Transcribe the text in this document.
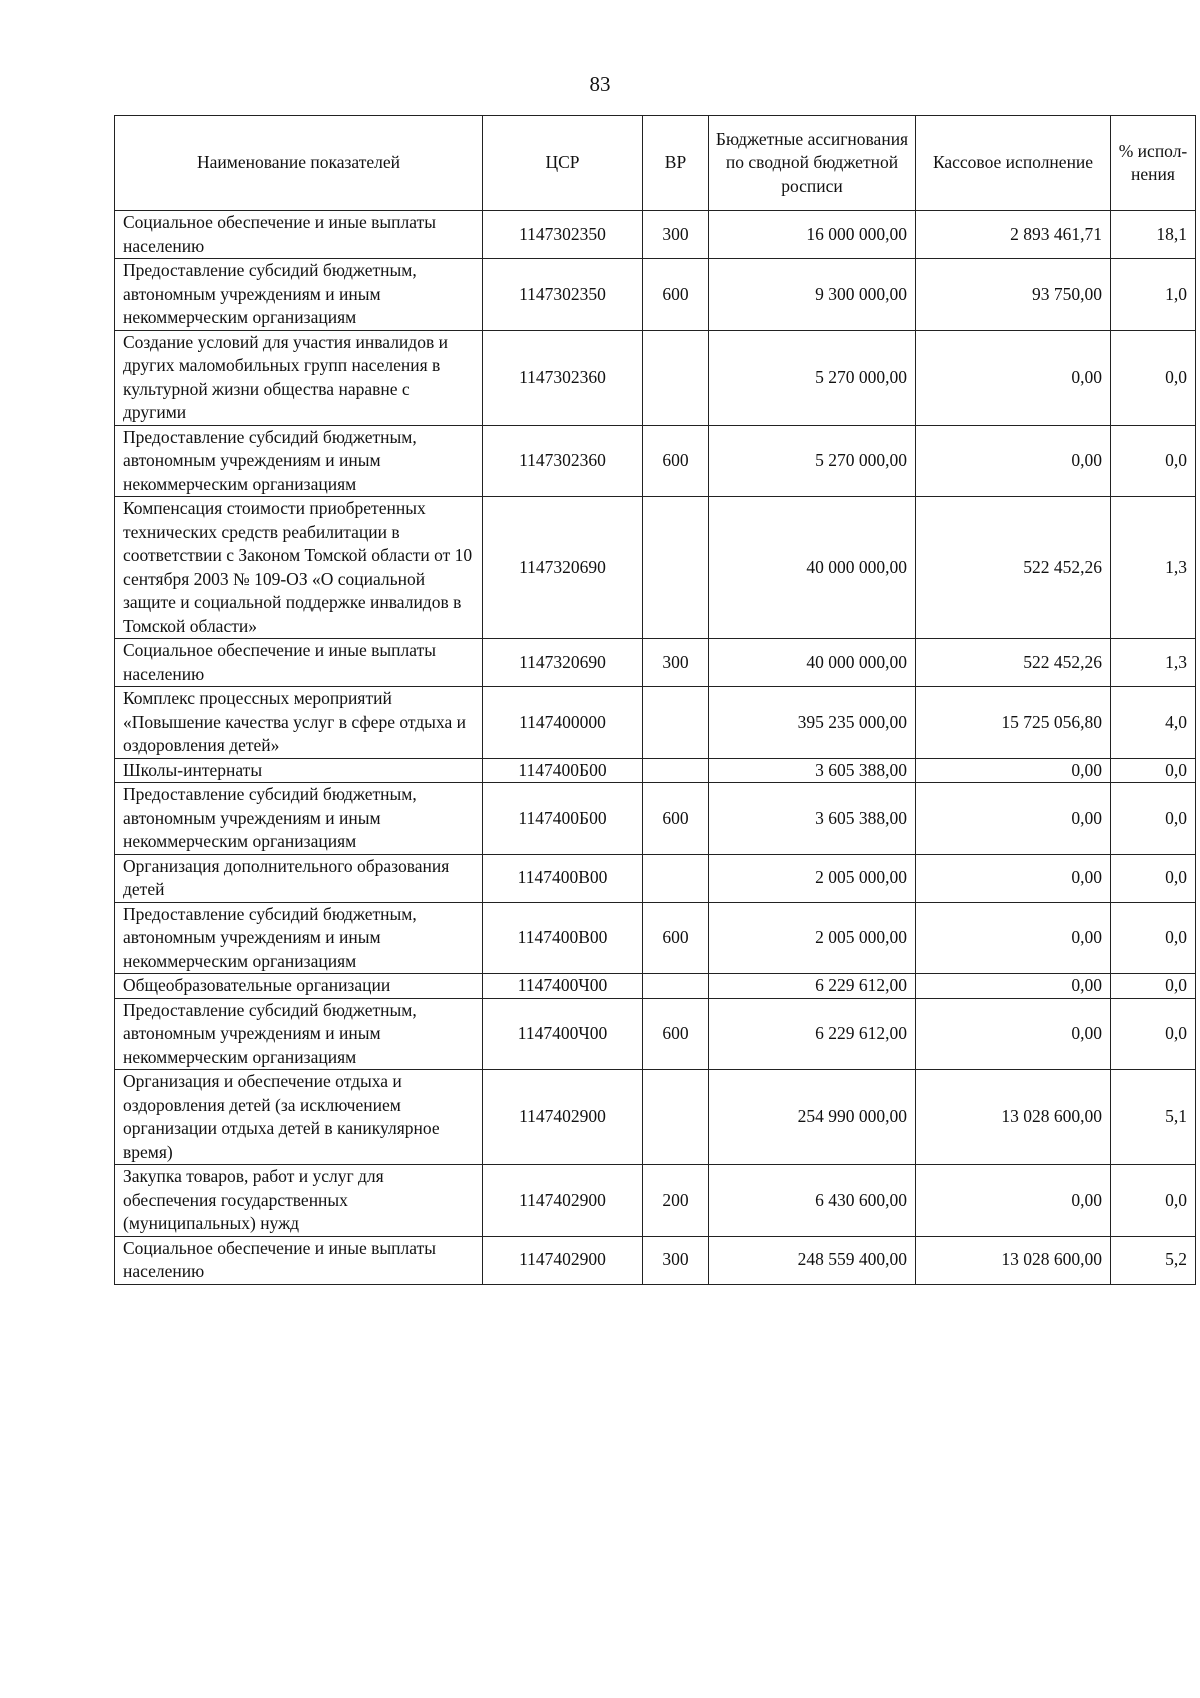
83
Наименование показателей	ЦСР	ВР	Бюджетные ассигнования по сводной бюджетной росписи	Кассовое исполнение	% испол-нения
Социальное обеспечение и иные выплаты населению	1147302350	300	16 000 000,00	2 893 461,71	18,1
Предоставление субсидий бюджетным, автономным учреждениям и иным некоммерческим организациям	1147302350	600	9 300 000,00	93 750,00	1,0
Создание условий для участия инвалидов и других маломобильных групп населения в культурной жизни общества наравне с другими	1147302360		5 270 000,00	0,00	0,0
Предоставление субсидий бюджетным, автономным учреждениям и иным некоммерческим организациям	1147302360	600	5 270 000,00	0,00	0,0
Компенсация стоимости приобретенных технических средств реабилитации в соответствии с Законом Томской области от 10 сентября 2003 № 109-ОЗ «О социальной защите и социальной поддержке инвалидов в Томской области»	1147320690		40 000 000,00	522 452,26	1,3
Социальное обеспечение и иные выплаты населению	1147320690	300	40 000 000,00	522 452,26	1,3
Комплекс процессных мероприятий «Повышение качества услуг в сфере отдыха и оздоровления детей»	1147400000		395 235 000,00	15 725 056,80	4,0
Школы-интернаты	1147400Б00		3 605 388,00	0,00	0,0
Предоставление субсидий бюджетным, автономным учреждениям и иным некоммерческим организациям	1147400Б00	600	3 605 388,00	0,00	0,0
Организация дополнительного образования детей	1147400В00		2 005 000,00	0,00	0,0
Предоставление субсидий бюджетным, автономным учреждениям и иным некоммерческим организациям	1147400В00	600	2 005 000,00	0,00	0,0
Общеобразовательные организации	1147400Ч00		6 229 612,00	0,00	0,0
Предоставление субсидий бюджетным, автономным учреждениям и иным некоммерческим организациям	1147400Ч00	600	6 229 612,00	0,00	0,0
Организация и обеспечение отдыха и оздоровления детей (за исключением организации отдыха детей в каникулярное время)	1147402900		254 990 000,00	13 028 600,00	5,1
Закупка товаров, работ и услуг для обеспечения государственных (муниципальных) нужд	1147402900	200	6 430 600,00	0,00	0,0
Социальное обеспечение и иные выплаты населению	1147402900	300	248 559 400,00	13 028 600,00	5,2
